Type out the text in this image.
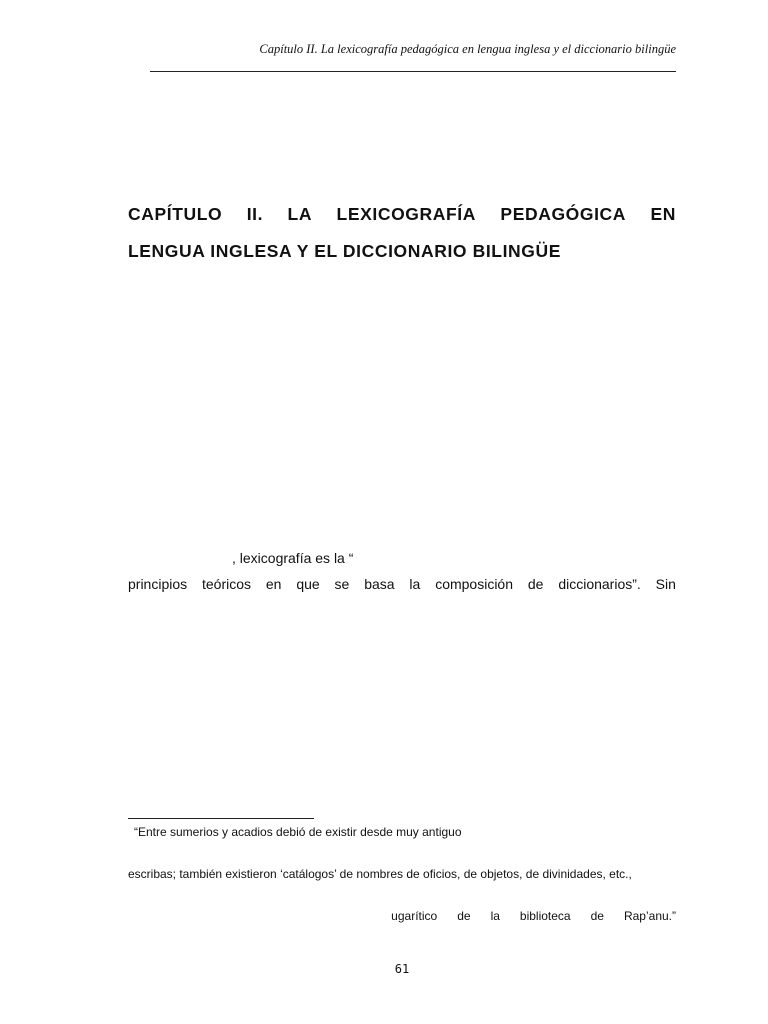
Capítulo II. La lexicografía pedagógica en lengua inglesa y el diccionario bilingüe
CAPÍTULO II. LA LEXICOGRAFÍA PEDAGÓGICA EN
LENGUA INGLESA Y EL DICCIONARIO BILINGÜE
, lexicografía es la “
principios teóricos en que se basa la composición de diccionarios”. Sin
“Entre sumerios y acadios debió de existir desde muy antiguo
escribas; también existieron ‘catálogos’ de nombres de oficios, de objetos, de divinidades, etc.,
ugarítico de la biblioteca de Rap’anu.”
61
